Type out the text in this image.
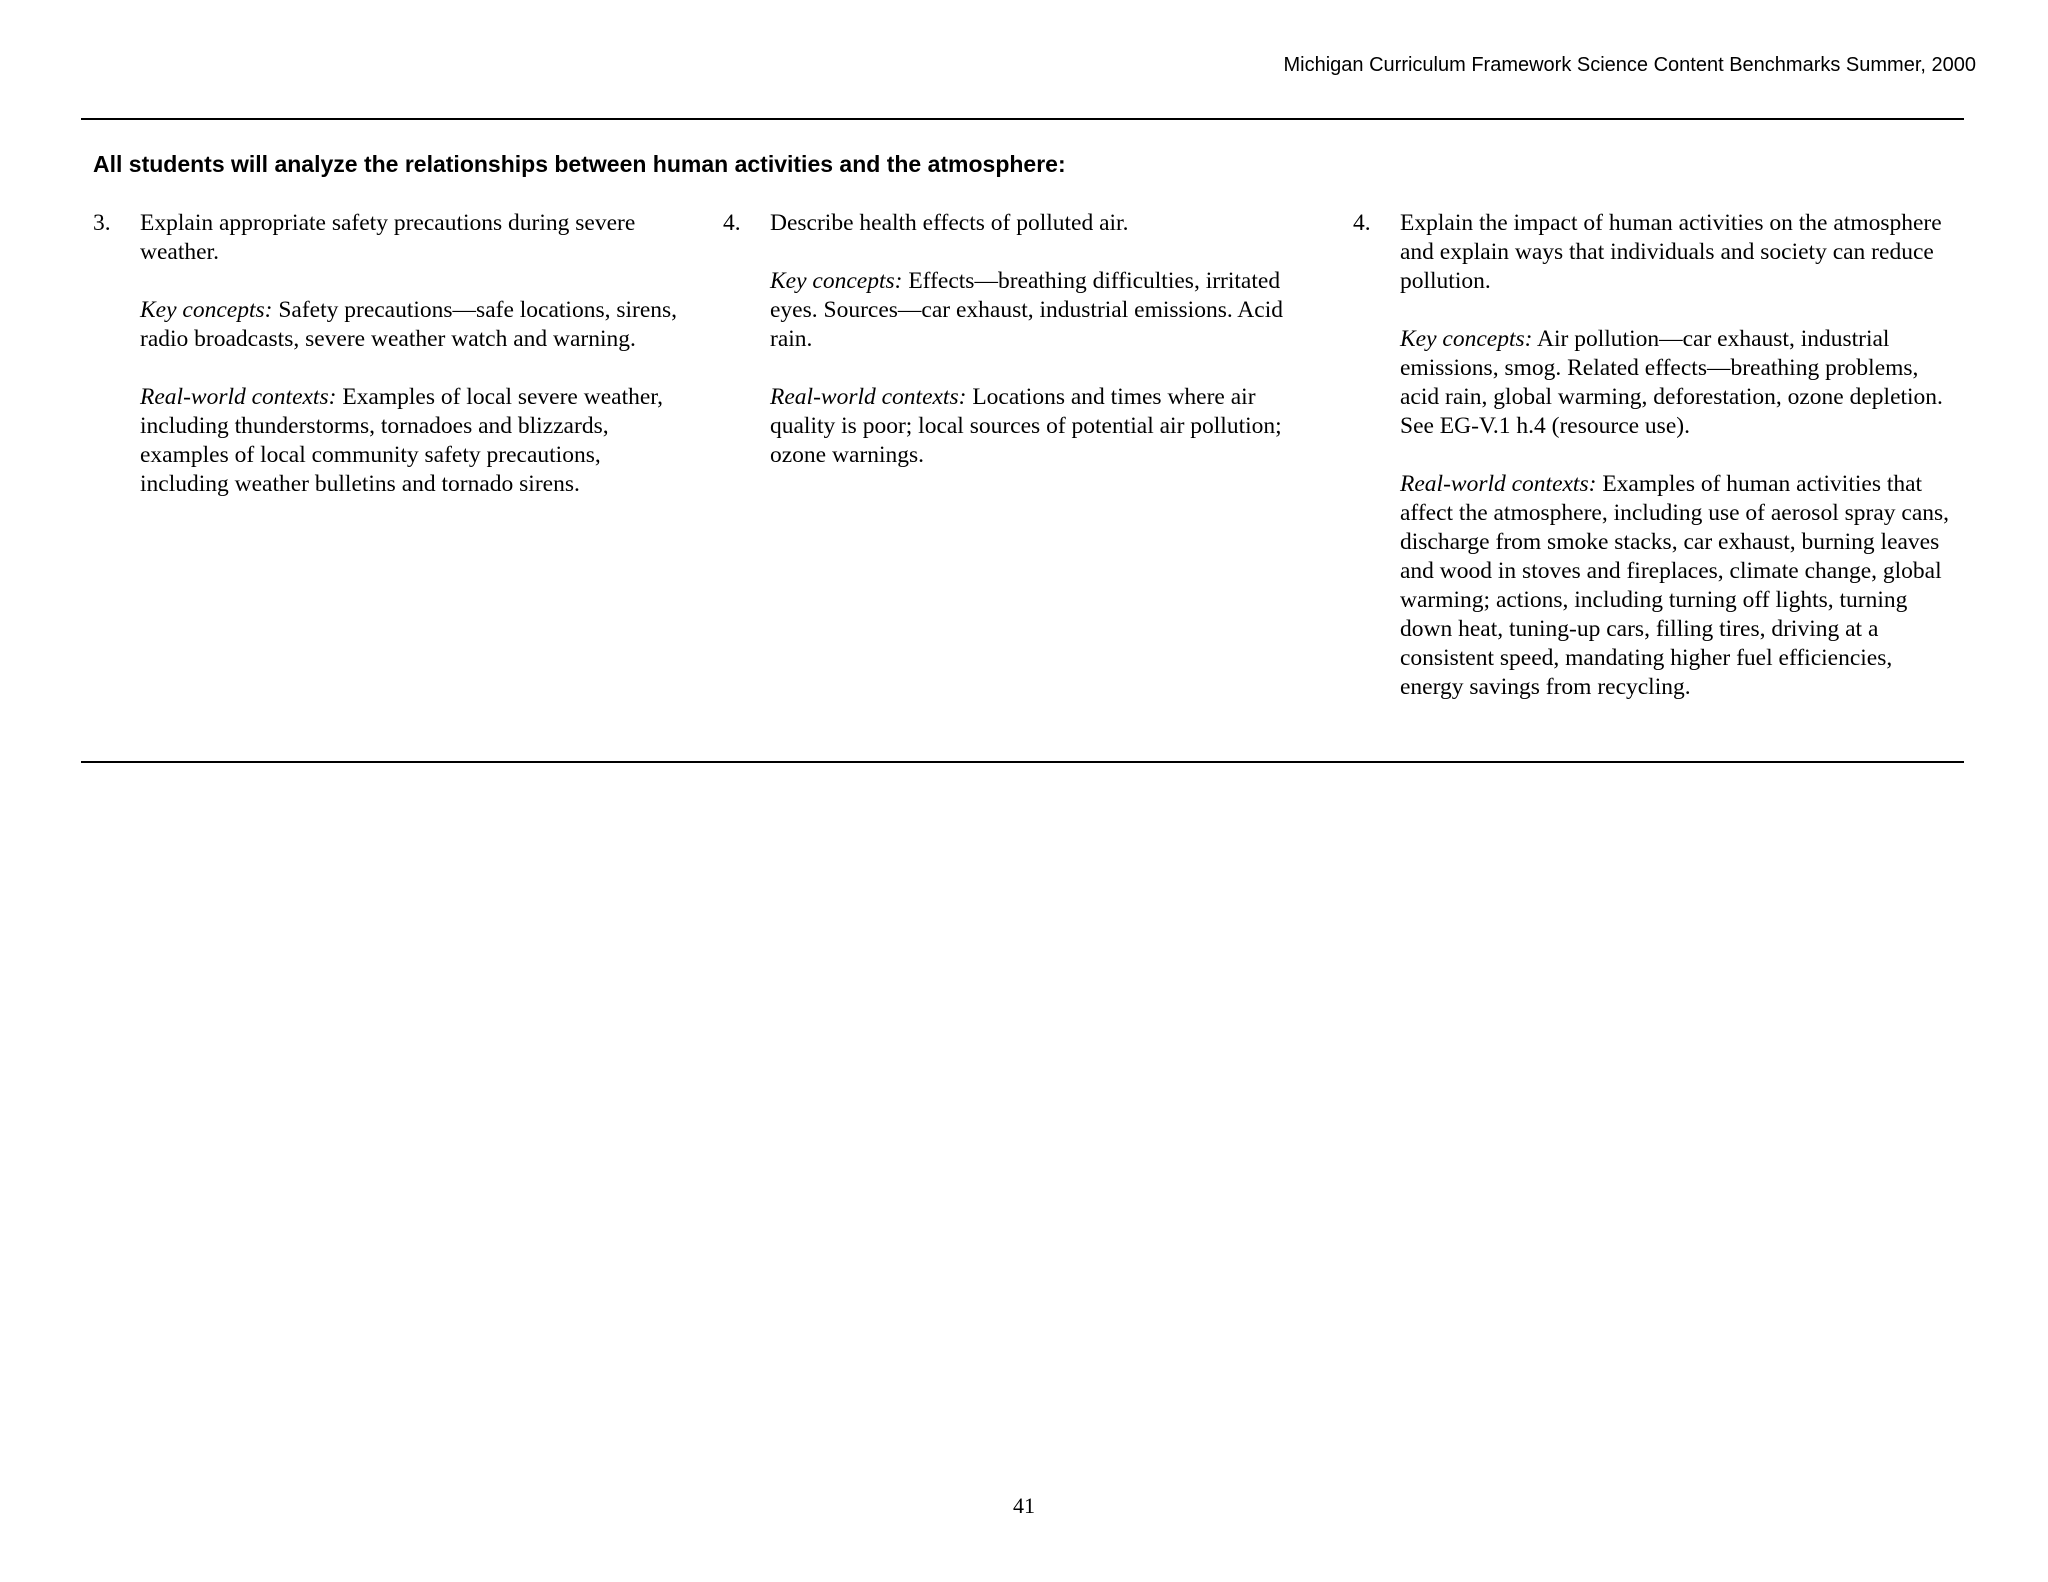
Michigan Curriculum Framework Science Content Benchmarks Summer, 2000
All students will analyze the relationships between human activities and the atmosphere:
3. Explain appropriate safety precautions during severe weather.

Key concepts: Safety precautions—safe locations, sirens, radio broadcasts, severe weather watch and warning.

Real-world contexts: Examples of local severe weather, including thunderstorms, tornadoes and blizzards, examples of local community safety precautions, including weather bulletins and tornado sirens.

4. Describe health effects of polluted air.

Key concepts: Effects—breathing difficulties, irritated eyes. Sources—car exhaust, industrial emissions. Acid rain.

Real-world contexts: Locations and times where air quality is poor; local sources of potential air pollution; ozone warnings.

4. Explain the impact of human activities on the atmosphere and explain ways that individuals and society can reduce pollution.

Key concepts: Air pollution—car exhaust, industrial emissions, smog. Related effects—breathing problems, acid rain, global warming, deforestation, ozone depletion. See EG-V.1 h.4 (resource use).

Real-world contexts: Examples of human activities that affect the atmosphere, including use of aerosol spray cans, discharge from smoke stacks, car exhaust, burning leaves and wood in stoves and fireplaces, climate change, global warming; actions, including turning off lights, turning down heat, tuning-up cars, filling tires, driving at a consistent speed, mandating higher fuel efficiencies, energy savings from recycling.

41
